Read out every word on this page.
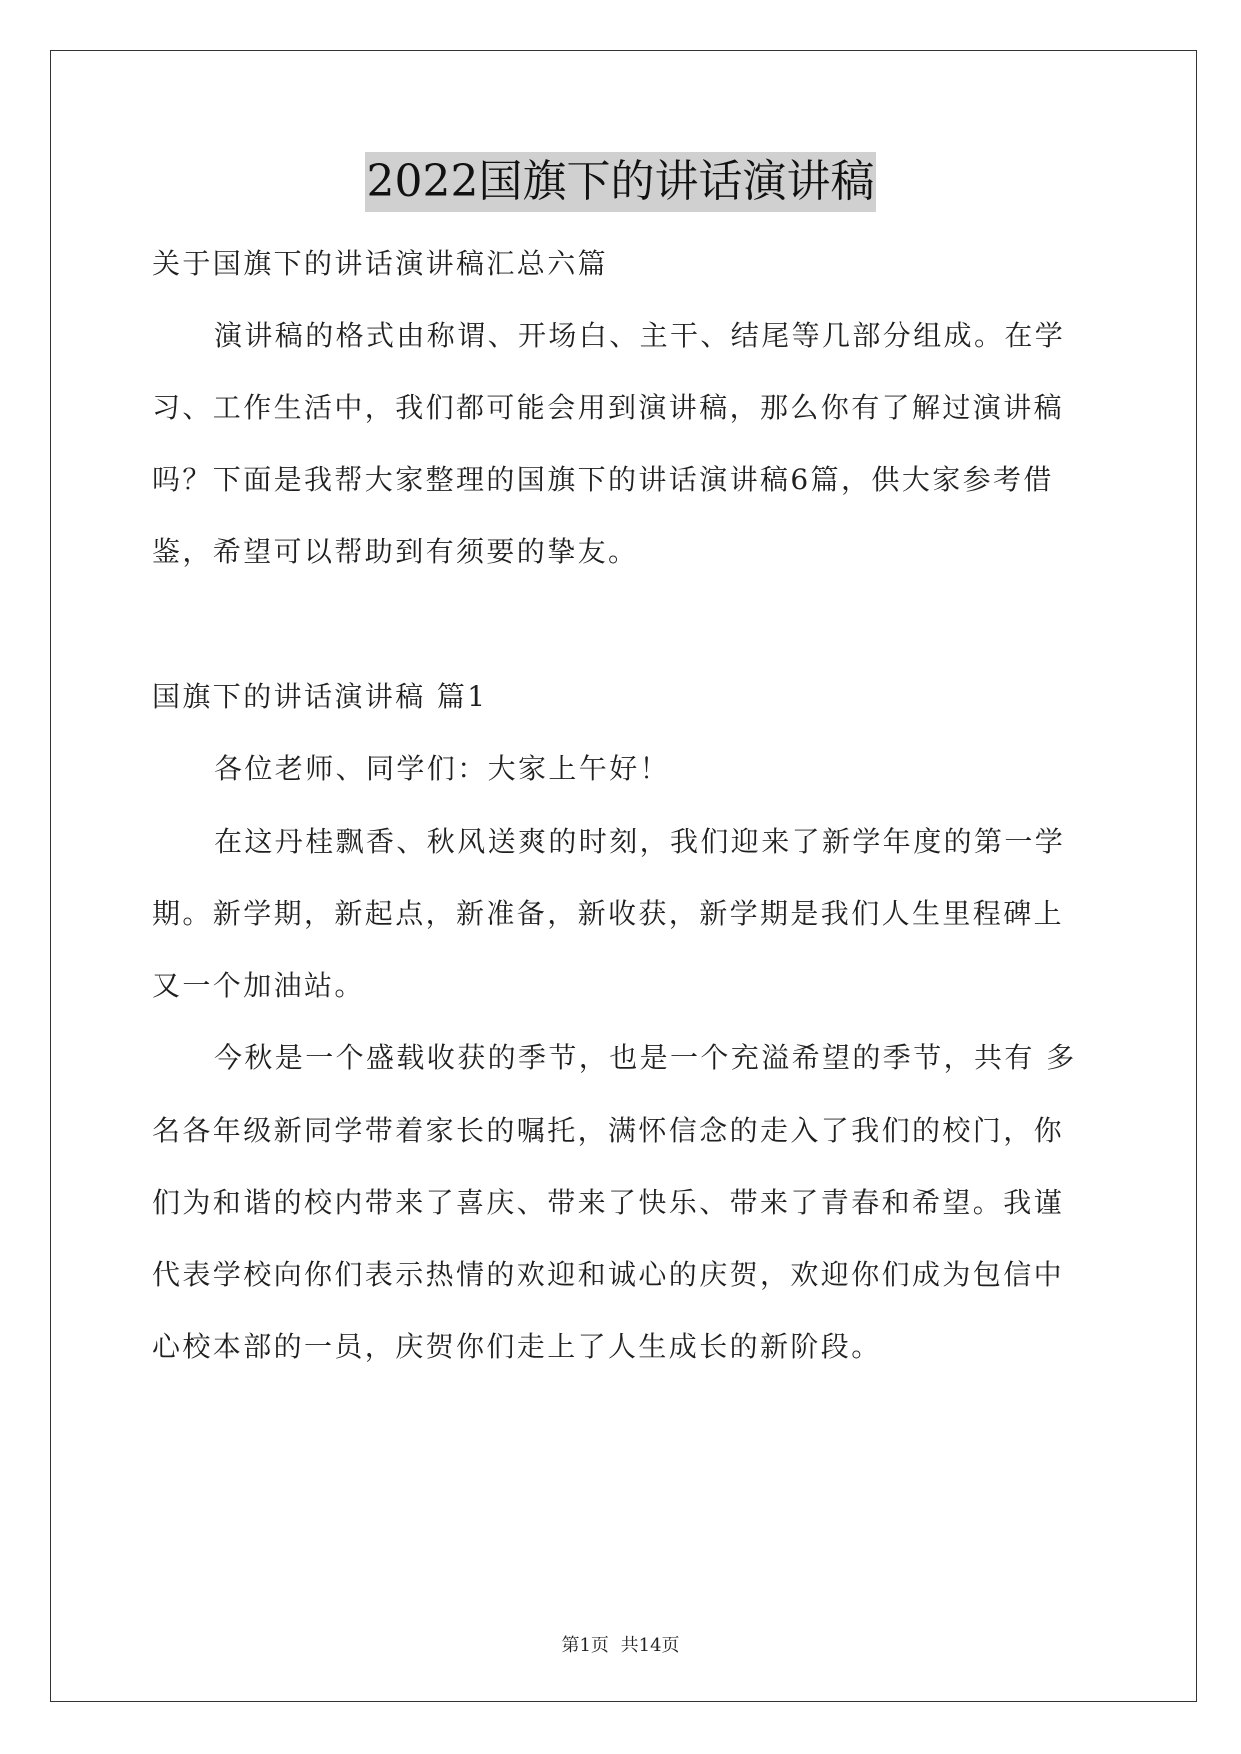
2022国旗下的讲话演讲稿
关于国旗下的讲话演讲稿汇总六篇
演讲稿的格式由称谓、开场白、主干、结尾等几部分组成。在学
习、工作生活中，我们都可能会用到演讲稿，那么你有了解过演讲稿
吗？下面是我帮大家整理的国旗下的讲话演讲稿6篇，供大家参考借
鉴，希望可以帮助到有须要的挚友。
国旗下的讲话演讲稿 篇1
各位老师、同学们：大家上午好！
在这丹桂飘香、秋风送爽的时刻，我们迎来了新学年度的第一学
期。新学期，新起点，新准备，新收获，新学期是我们人生里程碑上
又一个加油站。
今秋是一个盛载收获的季节，也是一个充溢希望的季节，共有 多
名各年级新同学带着家长的嘱托，满怀信念的走入了我们的校门，你
们为和谐的校内带来了喜庆、带来了快乐、带来了青春和希望。我谨
代表学校向你们表示热情的欢迎和诚心的庆贺，欢迎你们成为包信中
心校本部的一员，庆贺你们走上了人生成长的新阶段。
第1页 共14页
